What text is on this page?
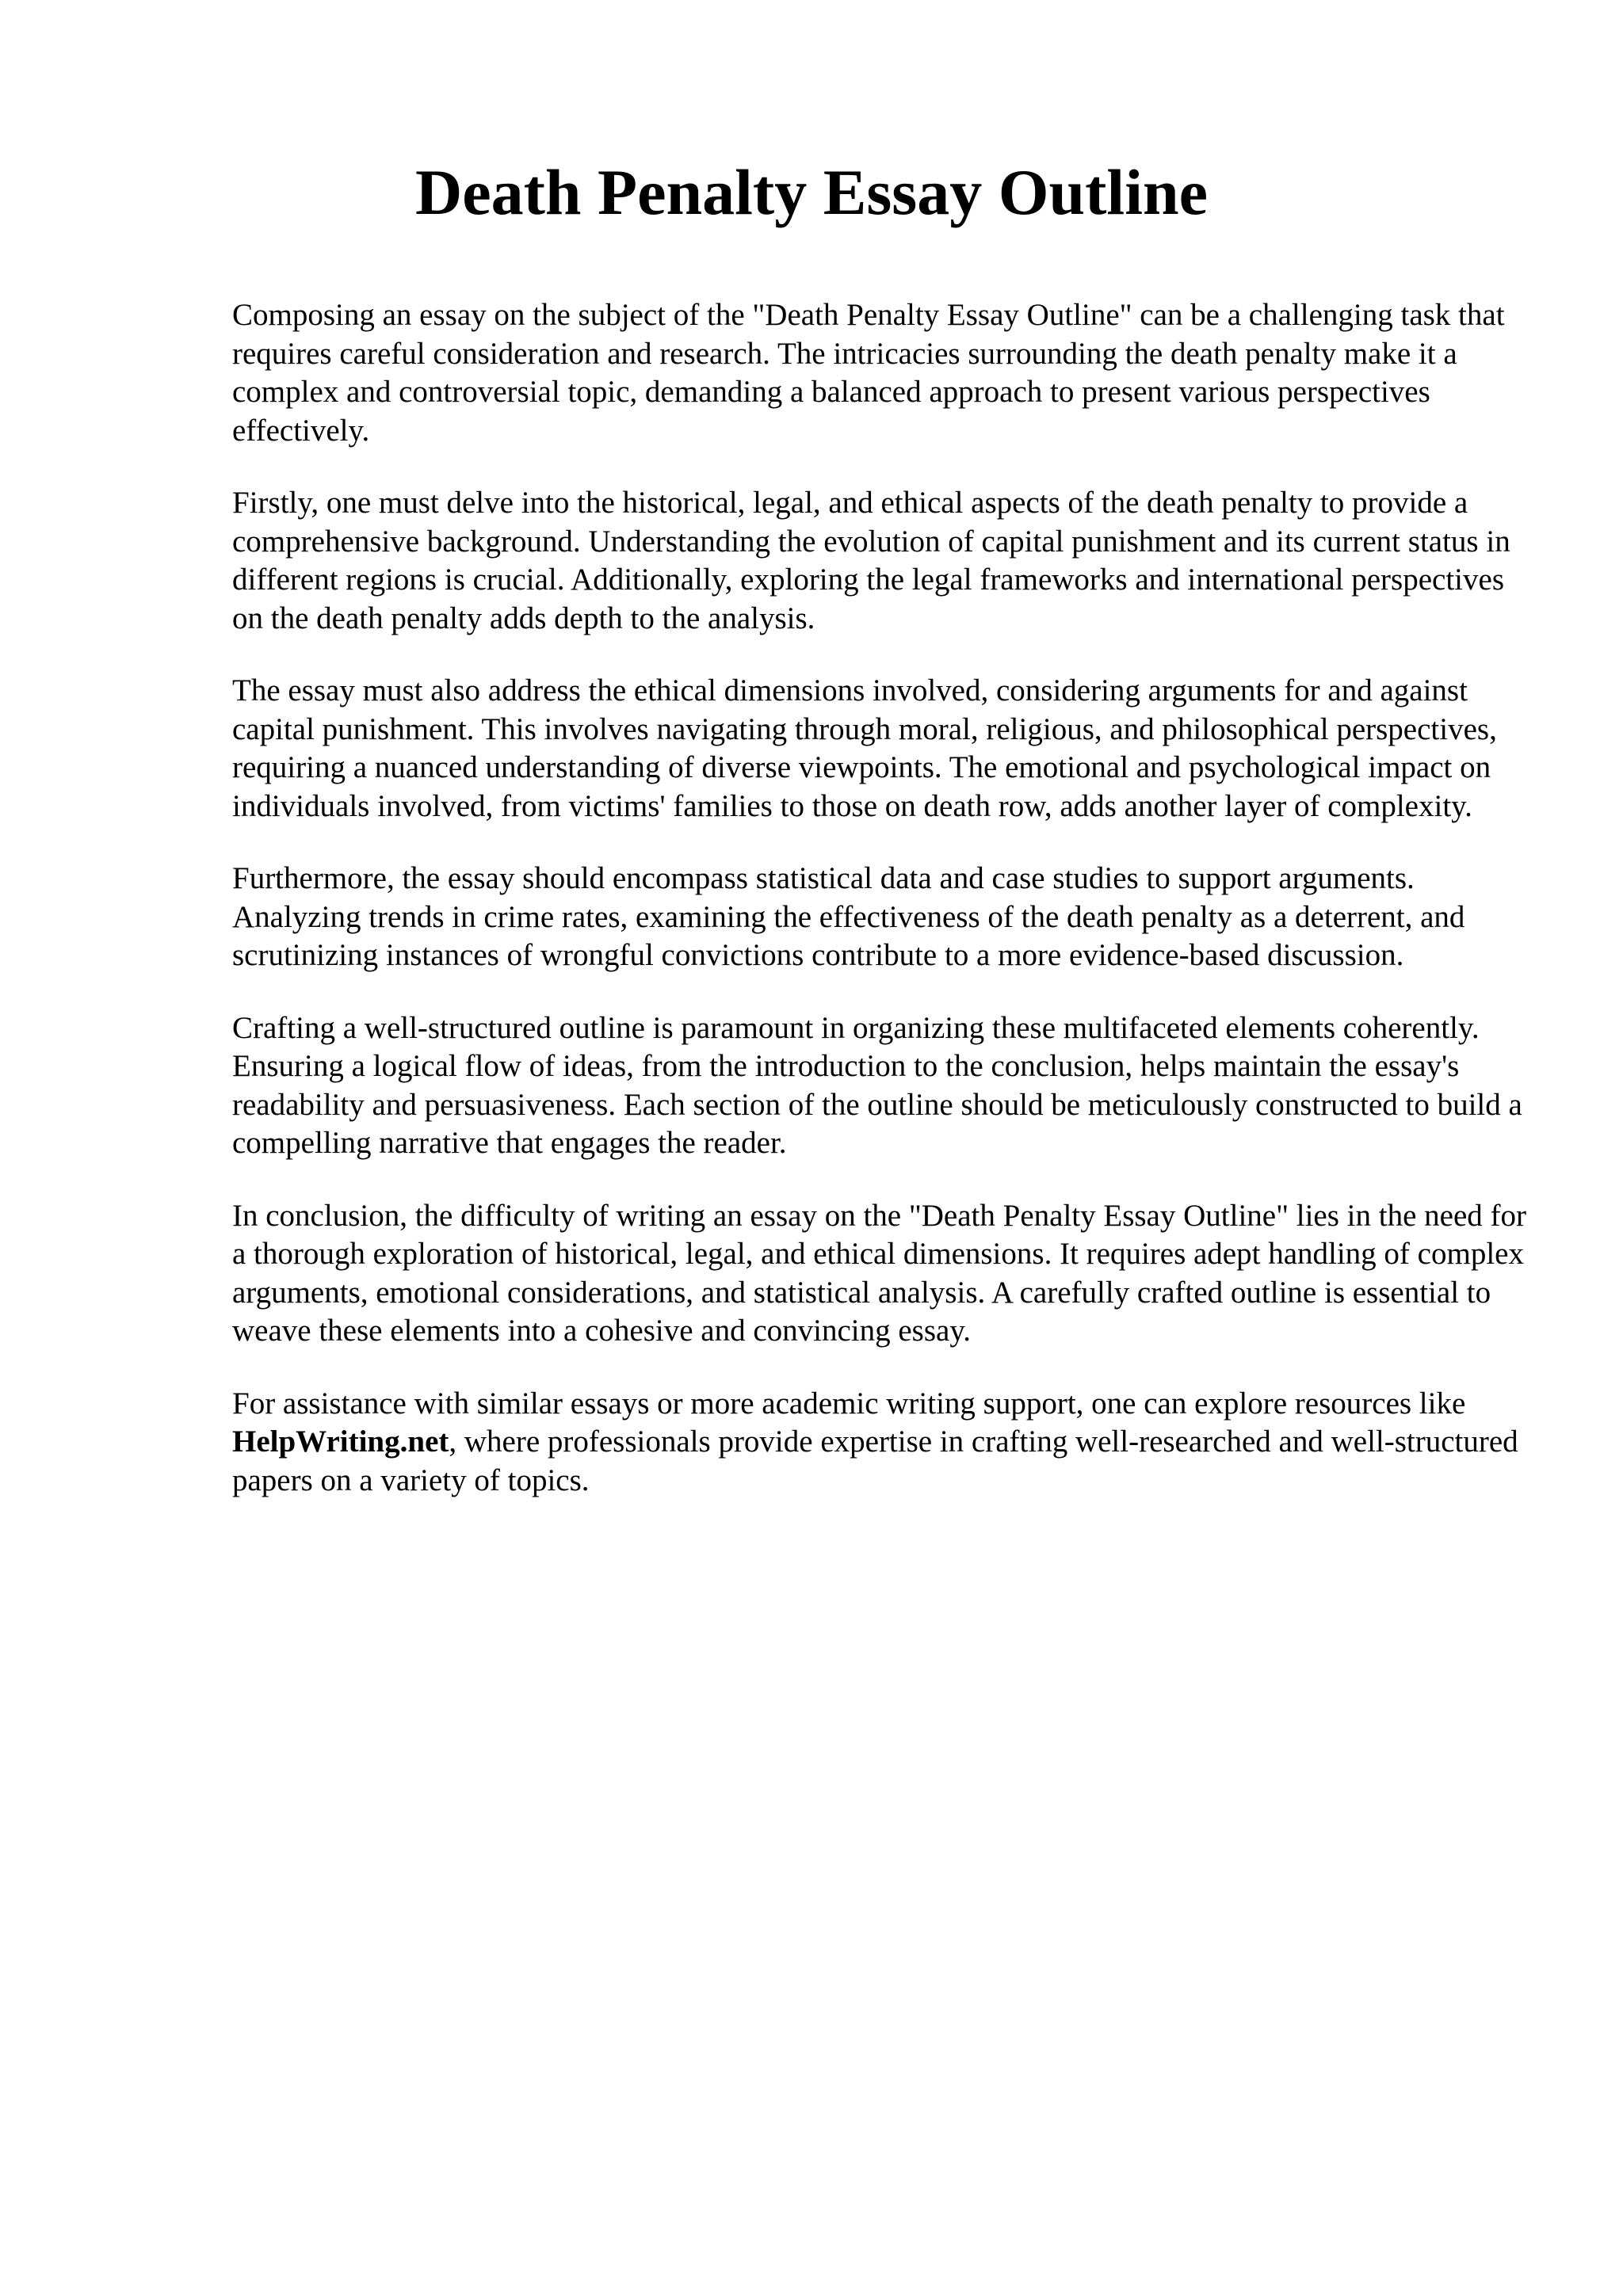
Death Penalty Essay Outline

Composing an essay on the subject of the "Death Penalty Essay Outline" can be a challenging task that requires careful consideration and research. The intricacies surrounding the death penalty make it a complex and controversial topic, demanding a balanced approach to present various perspectives effectively.

Firstly, one must delve into the historical, legal, and ethical aspects of the death penalty to provide a comprehensive background. Understanding the evolution of capital punishment and its current status in different regions is crucial. Additionally, exploring the legal frameworks and international perspectives on the death penalty adds depth to the analysis.

The essay must also address the ethical dimensions involved, considering arguments for and against capital punishment. This involves navigating through moral, religious, and philosophical perspectives, requiring a nuanced understanding of diverse viewpoints. The emotional and psychological impact on individuals involved, from victims' families to those on death row, adds another layer of complexity.

Furthermore, the essay should encompass statistical data and case studies to support arguments. Analyzing trends in crime rates, examining the effectiveness of the death penalty as a deterrent, and scrutinizing instances of wrongful convictions contribute to a more evidence-based discussion.

Crafting a well-structured outline is paramount in organizing these multifaceted elements coherently. Ensuring a logical flow of ideas, from the introduction to the conclusion, helps maintain the essay's readability and persuasiveness. Each section of the outline should be meticulously constructed to build a compelling narrative that engages the reader.

In conclusion, the difficulty of writing an essay on the "Death Penalty Essay Outline" lies in the need for a thorough exploration of historical, legal, and ethical dimensions. It requires adept handling of complex arguments, emotional considerations, and statistical analysis. A carefully crafted outline is essential to weave these elements into a cohesive and convincing essay.

For assistance with similar essays or more academic writing support, one can explore resources like HelpWriting.net, where professionals provide expertise in crafting well-researched and well-structured papers on a variety of topics.
